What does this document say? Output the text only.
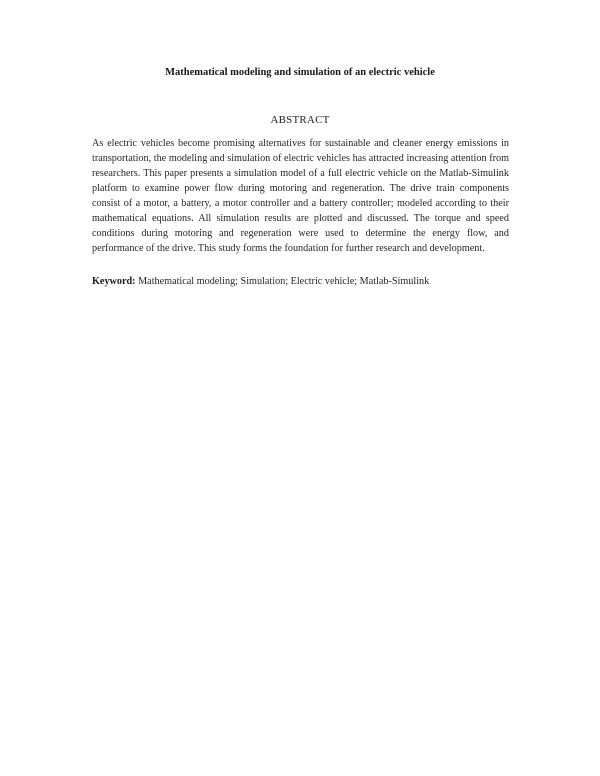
Mathematical modeling and simulation of an electric vehicle
ABSTRACT

As electric vehicles become promising alternatives for sustainable and cleaner energy emissions in transportation, the modeling and simulation of electric vehicles has attracted increasing attention from researchers. This paper presents a simulation model of a full electric vehicle on the Matlab-Simulink platform to examine power flow during motoring and regeneration. The drive train components consist of a motor, a battery, a motor controller and a battery controller; modeled according to their mathematical equations. All simulation results are plotted and discussed. The torque and speed conditions during motoring and regeneration were used to determine the energy flow, and performance of the drive. This study forms the foundation for further research and development.

Keyword: Mathematical modeling; Simulation; Electric vehicle; Matlab-Simulink
